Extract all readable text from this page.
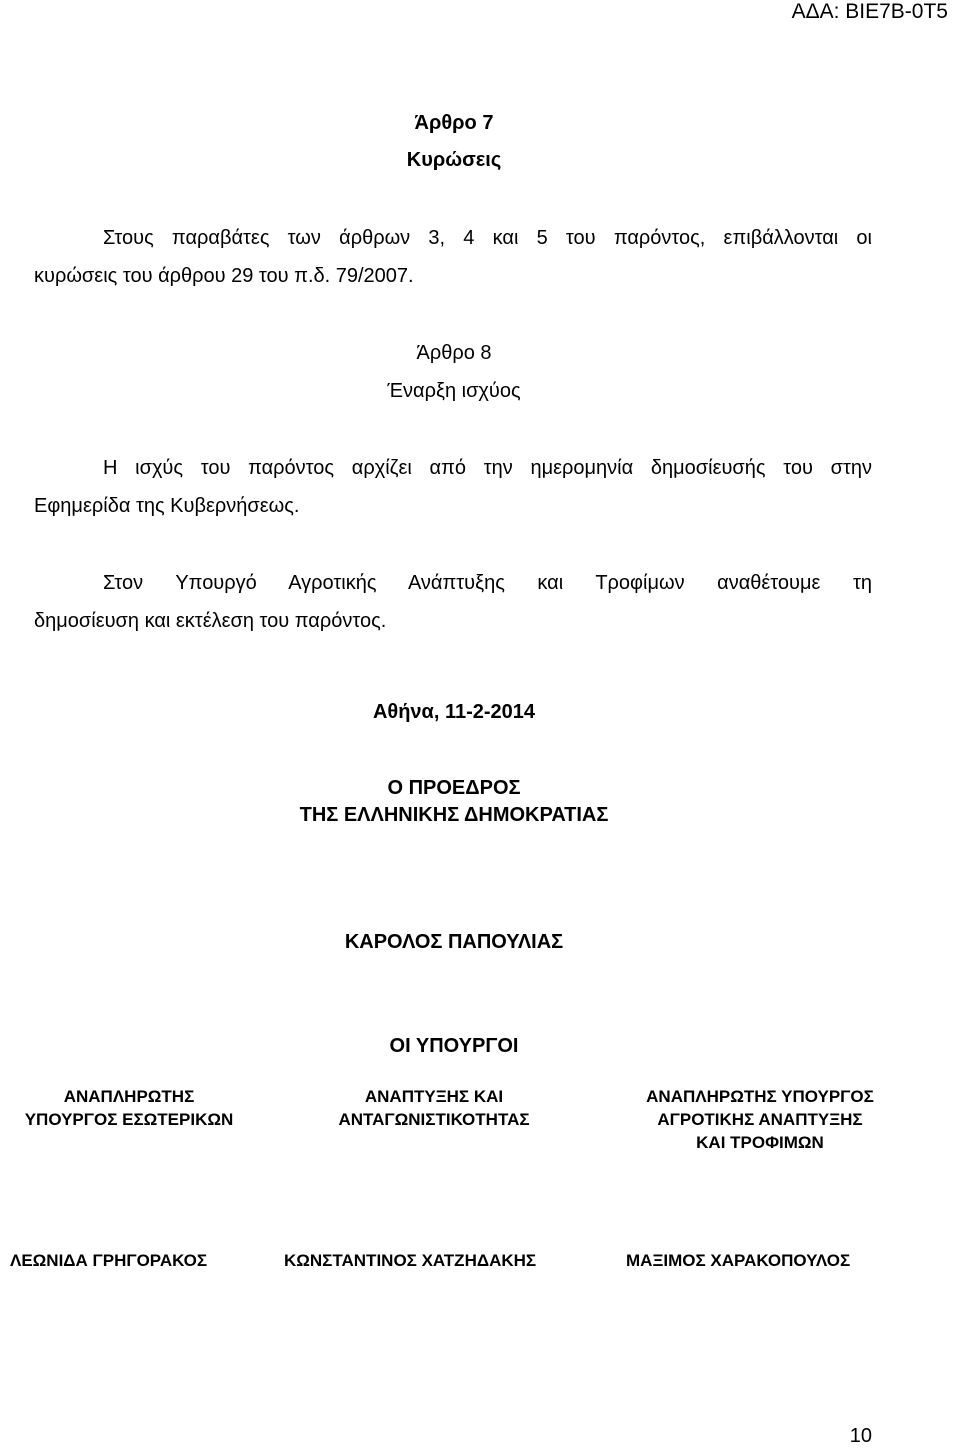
ΑΔΑ: ΒΙΕ7Β-0Τ5
Άρθρο 7
Κυρώσεις
Στους παραβάτες των άρθρων 3, 4 και 5 του παρόντος, επιβάλλονται οι
κυρώσεις του άρθρου 29 του π.δ. 79/2007.
Άρθρο 8
Έναρξη ισχύος
Η ισχύς του παρόντος αρχίζει από την ημερομηνία δημοσίευσής του στην
Εφημερίδα της Κυβερνήσεως.
Στον Υπουργό Αγροτικής Ανάπτυξης και Τροφίμων αναθέτουμε τη
δημοσίευση και εκτέλεση του παρόντος.
Αθήνα, 11-2-2014
Ο ΠΡΟΕΔΡΟΣ
ΤΗΣ ΕΛΛΗΝΙΚΗΣ ΔΗΜΟΚΡΑΤΙΑΣ
ΚΑΡΟΛΟΣ ΠΑΠΟΥΛΙΑΣ
ΟΙ ΥΠΟΥΡΓΟΙ
ΑΝΑΠΛΗΡΩΤΗΣ
ΥΠΟΥΡΓΟΣ ΕΣΩΤΕΡΙΚΩΝ
ΑΝΑΠΤΥΞΗΣ ΚΑΙ
ΑΝΤΑΓΩΝΙΣΤΙΚΟΤΗΤΑΣ
ΑΝΑΠΛΗΡΩΤΗΣ ΥΠΟΥΡΓΟΣ
ΑΓΡΟΤΙΚΗΣ ΑΝΑΠΤΥΞΗΣ
ΚΑΙ ΤΡΟΦΙΜΩΝ
ΛΕΩΝΙΔΑ ΓΡΗΓΟΡΑΚΟΣ	ΚΩΝΣΤΑΝΤΙΝΟΣ ΧΑΤΖΗΔΑΚΗΣ	ΜΑΞΙΜΟΣ ΧΑΡΑΚΟΠΟΥΛΟΣ
10
